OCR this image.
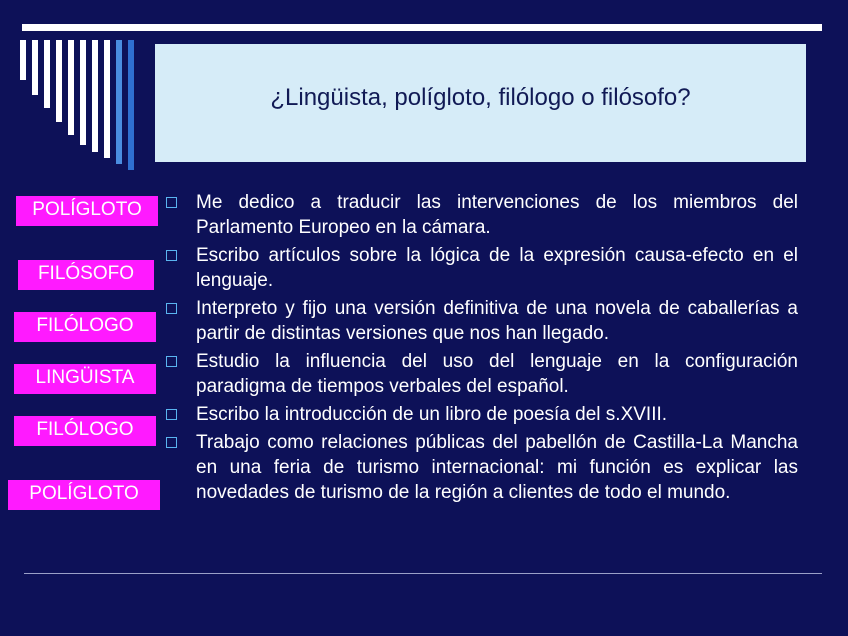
¿Lingüista, polígloto, filólogo o filósofo?
POLÍGLOTO
FILÓSOFO
FILÓLOGO
LINGÜISTA
FILÓLOGO
POLÍGLOTO
Me dedico a traducir las intervenciones de los miembros del Parlamento Europeo en la cámara.
Escribo artículos sobre la lógica de la expresión causa-efecto en el lenguaje.
Interpreto y fijo una versión definitiva de una novela de caballerías a partir de distintas versiones que nos han llegado.
Estudio la influencia del uso del lenguaje en la configuración paradigma de tiempos verbales del español.
Escribo la introducción de un libro de poesía del s.XVIII.
Trabajo como relaciones públicas del pabellón de Castilla-La Mancha en una feria de turismo internacional: mi función es explicar las novedades de turismo de la región a clientes de todo el mundo.
